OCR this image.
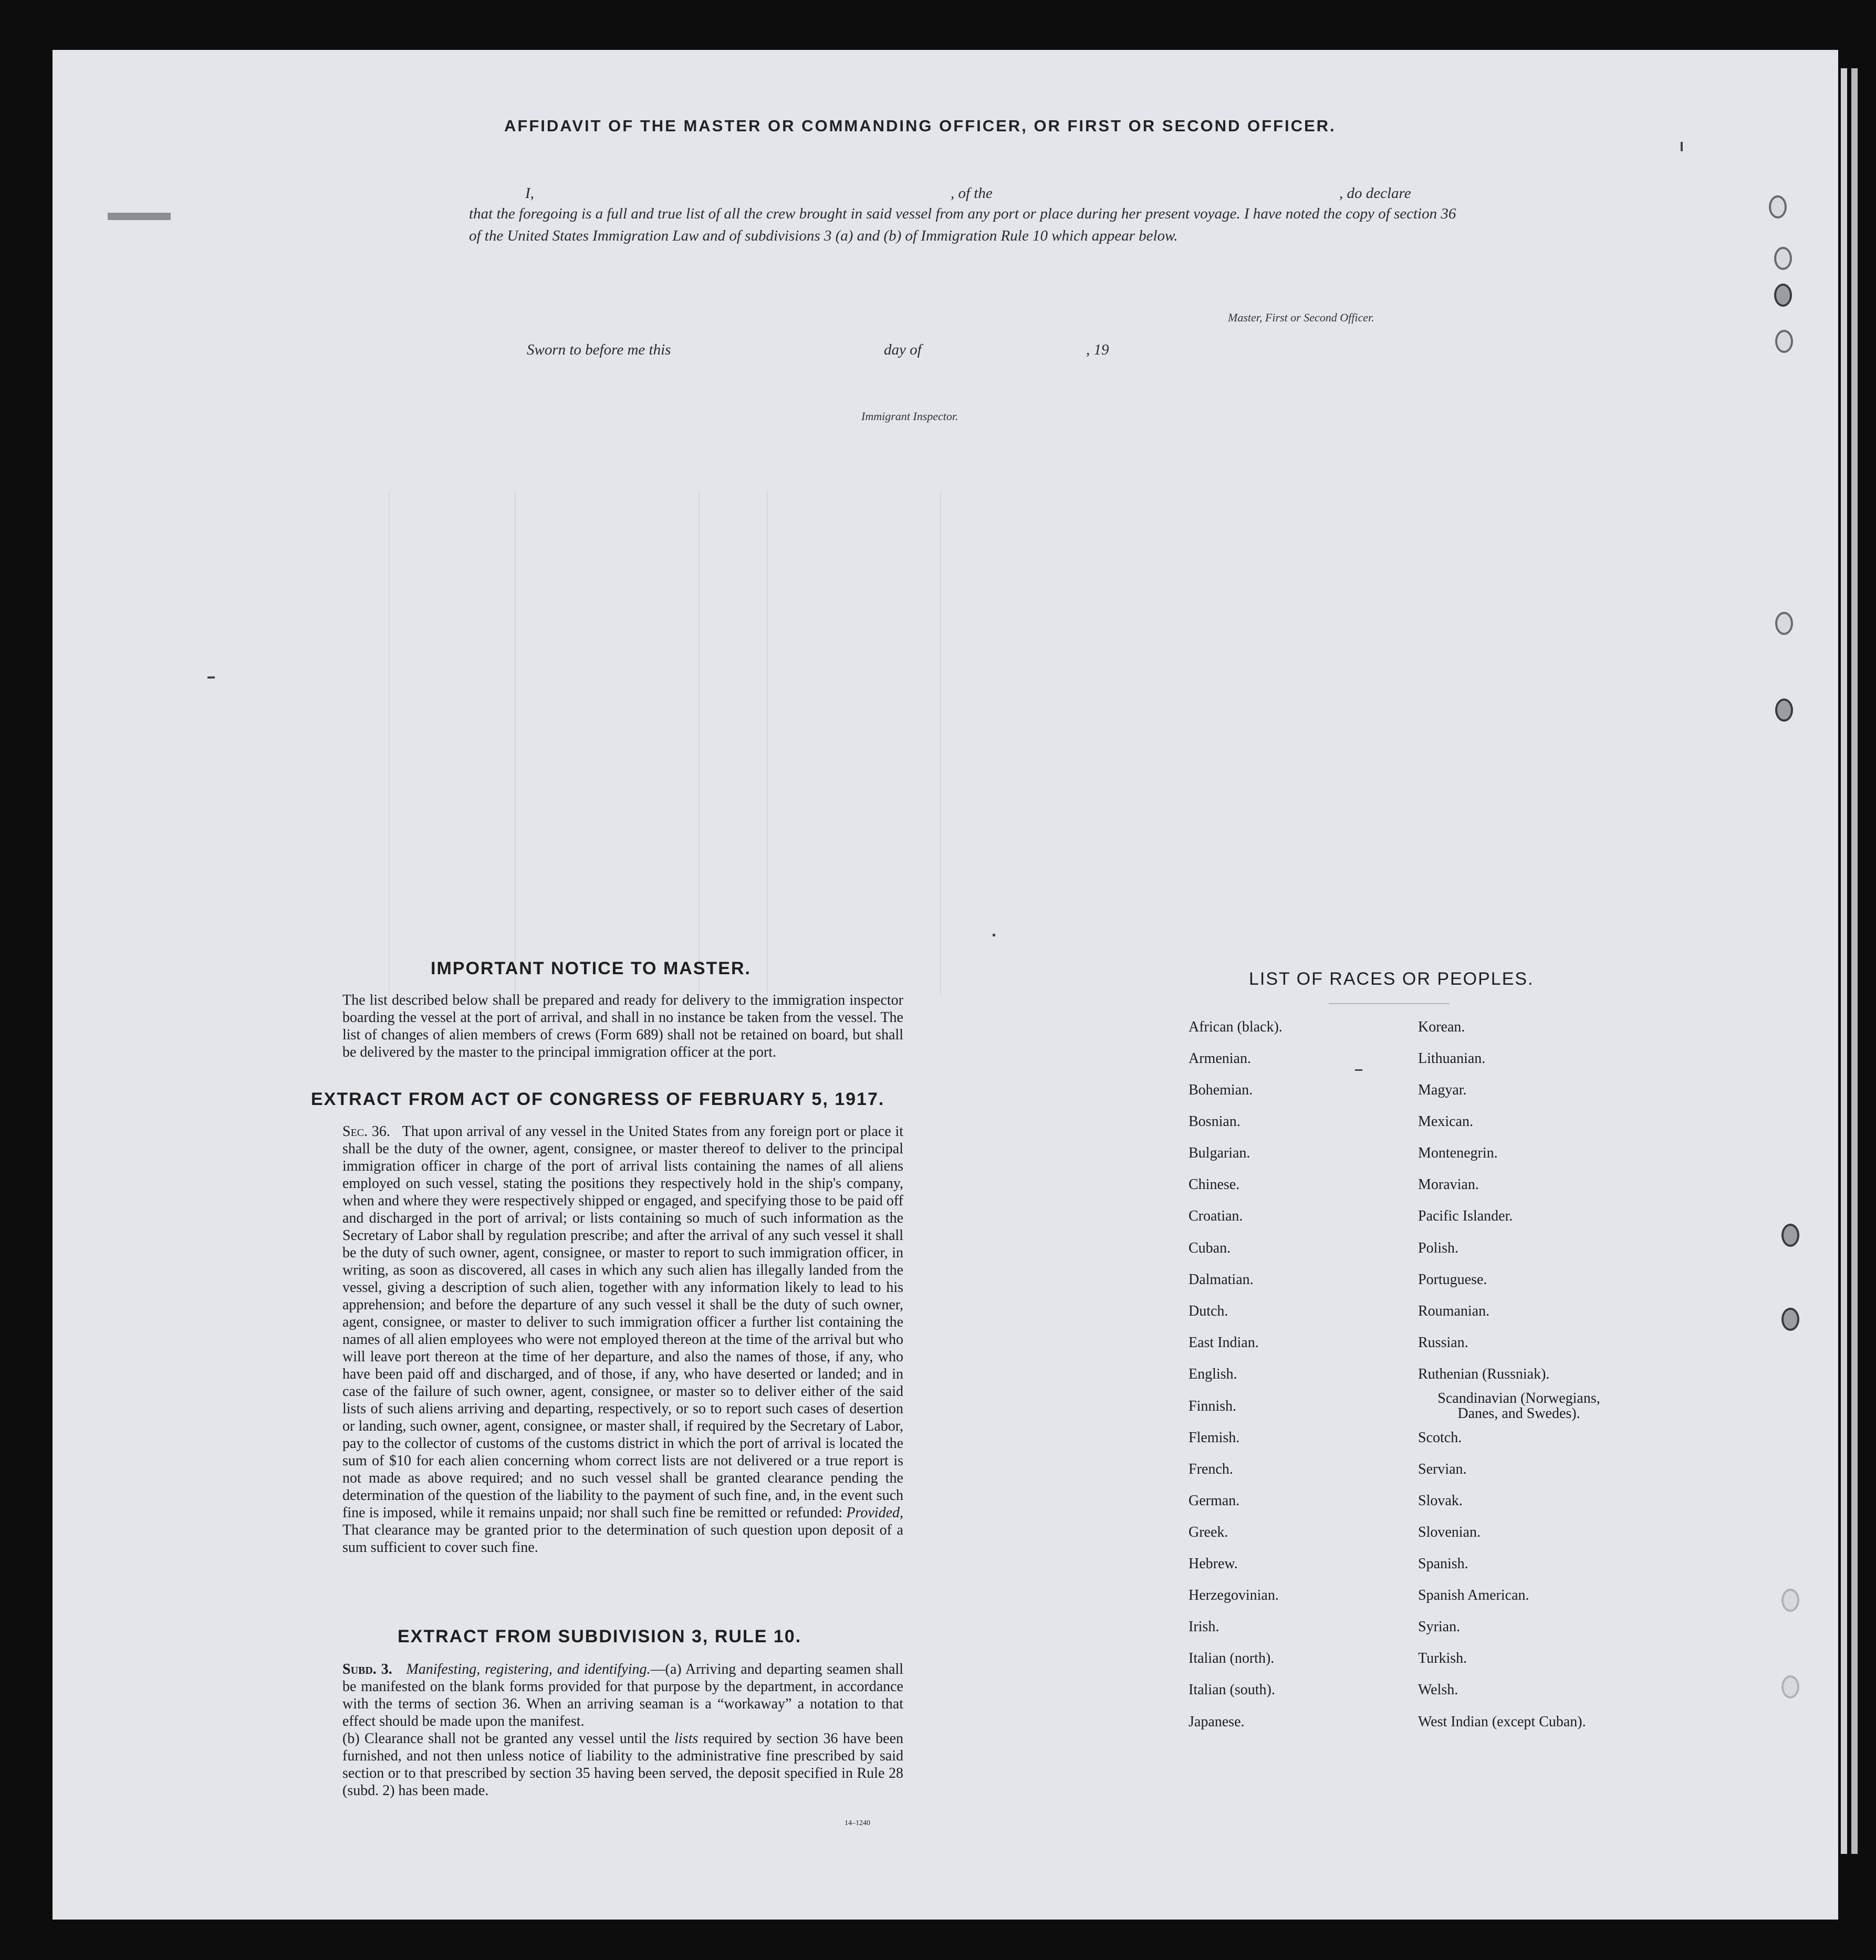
AFFIDAVIT OF THE MASTER OR COMMANDING OFFICER, OR FIRST OR SECOND OFFICER.
I,	, of the	, do declare
that the foregoing is a full and true list of all the crew brought in said vessel from any port or place during her present voyage. I have noted the copy of section 36 of the United States Immigration Law and of subdivisions 3 (a) and (b) of Immigration Rule 10 which appear below.
Master, First or Second Officer.
Sworn to before me this	day of	, 19
Immigrant Inspector.
IMPORTANT NOTICE TO MASTER.
The list described below shall be prepared and ready for delivery to the immigration inspector boarding the vessel at the port of arrival, and shall in no instance be taken from the vessel. The list of changes of alien members of crews (Form 689) shall not be retained on board, but shall be delivered by the master to the principal immigration officer at the port.
EXTRACT FROM ACT OF CONGRESS OF FEBRUARY 5, 1917.
Sec. 36. That upon arrival of any vessel in the United States from any foreign port or place it shall be the duty of the owner, agent, consignee, or master thereof to deliver to the principal immigration officer in charge of the port of arrival lists containing the names of all aliens employed on such vessel, stating the positions they respectively hold in the ship's company, when and where they were respectively shipped or engaged, and specifying those to be paid off and discharged in the port of arrival; or lists containing so much of such information as the Secretary of Labor shall by regulation prescribe; and after the arrival of any such vessel it shall be the duty of such owner, agent, consignee, or master to report to such immigration officer, in writing, as soon as discovered, all cases in which any such alien has illegally landed from the vessel, giving a description of such alien, together with any information likely to lead to his apprehension; and before the departure of any such vessel it shall be the duty of such owner, agent, consignee, or master to deliver to such immigration officer a further list containing the names of all alien employees who were not employed thereon at the time of the arrival but who will leave port thereon at the time of her departure, and also the names of those, if any, who have been paid off and discharged, and of those, if any, who have deserted or landed; and in case of the failure of such owner, agent, consignee, or master so to deliver either of the said lists of such aliens arriving and departing, respectively, or so to report such cases of desertion or landing, such owner, agent, consignee, or master shall, if required by the Secretary of Labor, pay to the collector of customs of the customs district in which the port of arrival is located the sum of $10 for each alien concerning whom correct lists are not delivered or a true report is not made as above required; and no such vessel shall be granted clearance pending the determination of the question of the liability to the payment of such fine, and, in the event such fine is imposed, while it remains unpaid; nor shall such fine be remitted or refunded: Provided, That clearance may be granted prior to the determination of such question upon deposit of a sum sufficient to cover such fine.
EXTRACT FROM SUBDIVISION 3, RULE 10.
Subd. 3. Manifesting, registering, and identifying.—(a) Arriving and departing seamen shall be manifested on the blank forms provided for that purpose by the department, in accordance with the terms of section 36. When an arriving seaman is a “workaway” a notation to that effect should be made upon the manifest.
(b) Clearance shall not be granted any vessel until the lists required by section 36 have been furnished, and not then unless notice of liability to the administrative fine prescribed by said section or to that prescribed by section 35 having been served, the deposit specified in Rule 28 (subd. 2) has been made.
14–1240
LIST OF RACES OR PEOPLES.
African (black).
Armenian.
Bohemian.
Bosnian.
Bulgarian.
Chinese.
Croatian.
Cuban.
Dalmatian.
Dutch.
East Indian.
English.
Finnish.
Flemish.
French.
German.
Greek.
Hebrew.
Herzegovinian.
Irish.
Italian (north).
Italian (south).
Japanese.
Korean.
Lithuanian.
Magyar.
Mexican.
Montenegrin.
Moravian.
Pacific Islander.
Polish.
Portuguese.
Roumanian.
Russian.
Ruthenian (Russniak).
Scandinavian (Norwegians,
Danes, and Swedes).
Scotch.
Servian.
Slovak.
Slovenian.
Spanish.
Spanish American.
Syrian.
Turkish.
Welsh.
West Indian (except Cuban).
